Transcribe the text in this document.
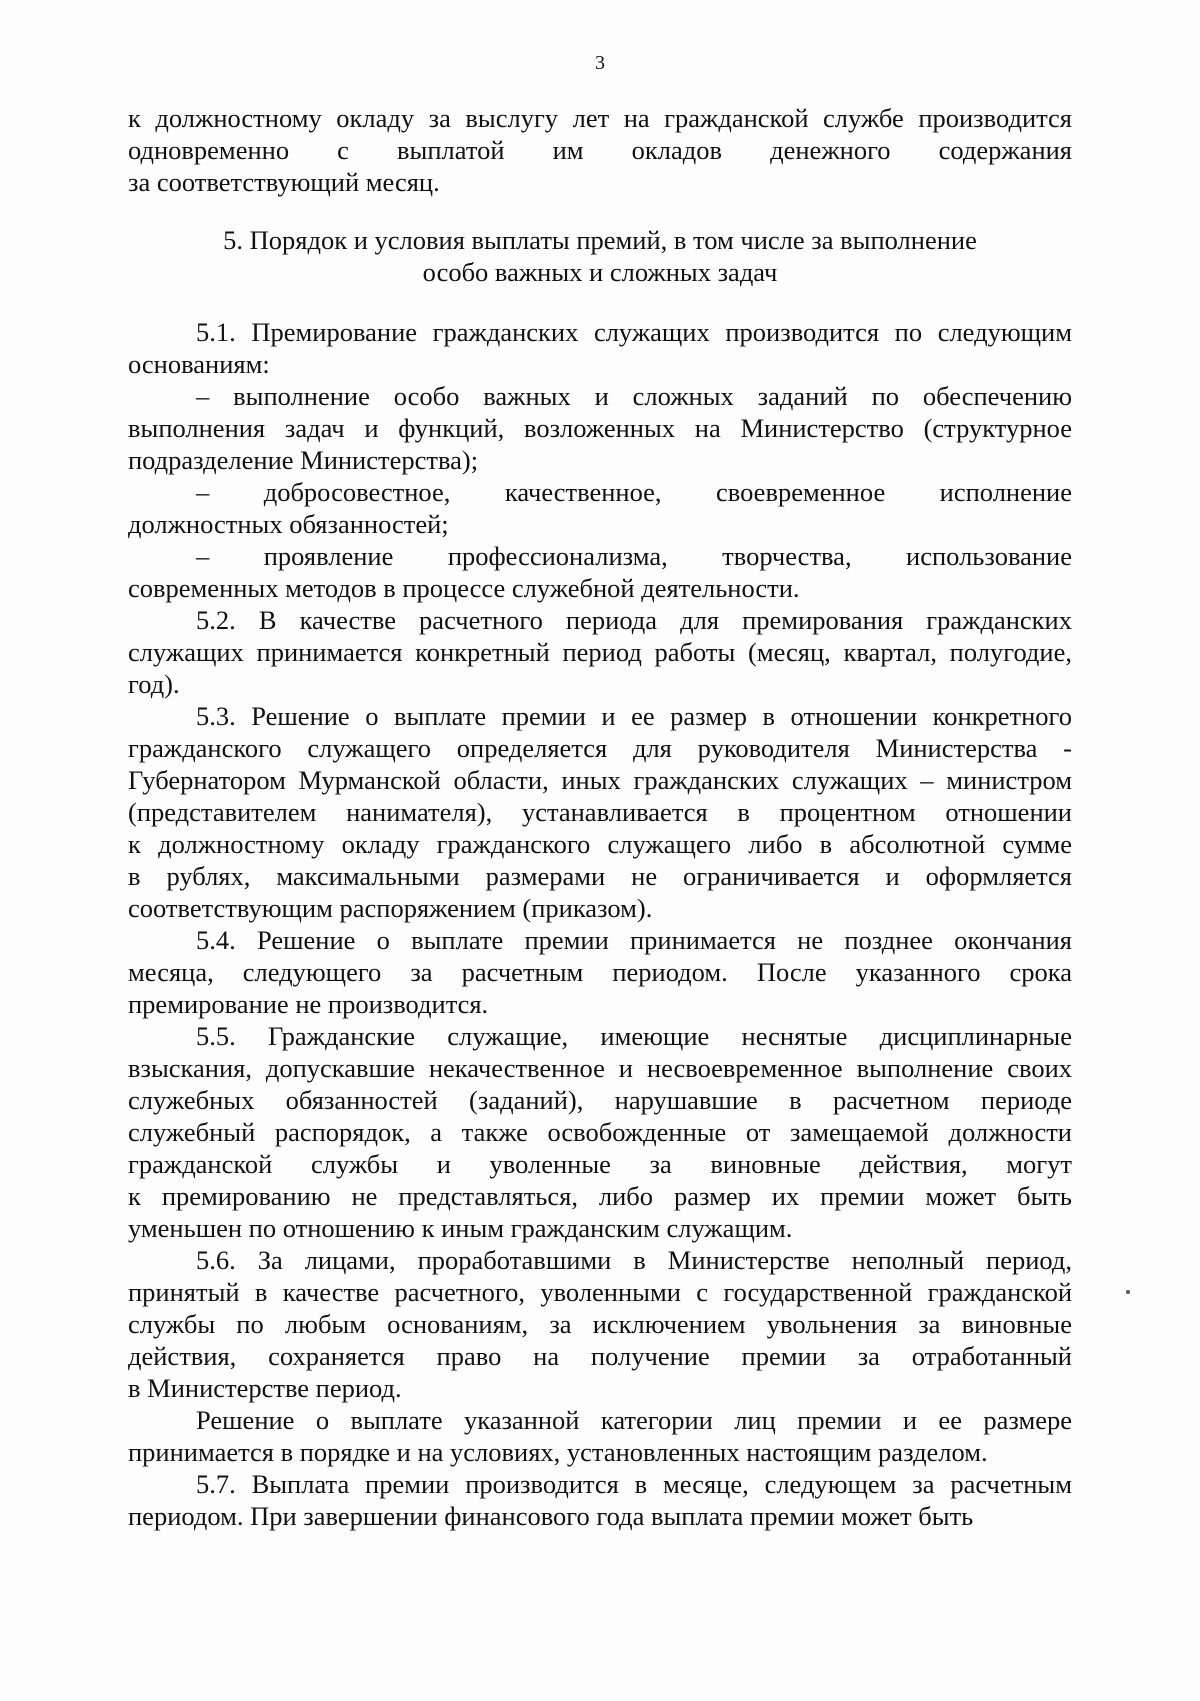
3

к должностному окладу за выслугу лет на гражданской службе производится
одновременно с выплатой им окладов денежного содержания
за соответствующий месяц.

5. Порядок и условия выплаты премий, в том числе за выполнение
особо важных и сложных задач

5.1. Премирование гражданских служащих производится по следующим
основаниям:

– выполнение особо важных и сложных заданий по обеспечению
выполнения задач и функций, возложенных на Министерство (структурное
подразделение Министерства);

– добросовестное, качественное, своевременное исполнение
должностных обязанностей;

– проявление профессионализма, творчества, использование
современных методов в процессе служебной деятельности.

5.2. В качестве расчетного периода для премирования гражданских
служащих принимается конкретный период работы (месяц, квартал, полугодие,
год).

5.3. Решение о выплате премии и ее размер в отношении конкретного
гражданского служащего определяется для руководителя Министерства -
Губернатором Мурманской области, иных гражданских служащих – министром
(представителем нанимателя), устанавливается в процентном отношении
к должностному окладу гражданского служащего либо в абсолютной сумме
в рублях, максимальными размерами не ограничивается и оформляется
соответствующим распоряжением (приказом).

5.4. Решение о выплате премии принимается не позднее окончания
месяца, следующего за расчетным периодом. После указанного срока
премирование не производится.

5.5. Гражданские служащие, имеющие неснятые дисциплинарные
взыскания, допускавшие некачественное и несвоевременное выполнение своих
служебных обязанностей (заданий), нарушавшие в расчетном периоде
служебный распорядок, а также освобожденные от замещаемой должности
гражданской службы и уволенные за виновные действия, могут
к премированию не представляться, либо размер их премии может быть
уменьшен по отношению к иным гражданским служащим.

5.6. За лицами, проработавшими в Министерстве неполный период,
принятый в качестве расчетного, уволенными с государственной гражданской
службы по любым основаниям, за исключением увольнения за виновные
действия, сохраняется право на получение премии за отработанный
в Министерстве период.

Решение о выплате указанной категории лиц премии и ее размере
принимается в порядке и на условиях, установленных настоящим разделом.

5.7. Выплата премии производится в месяце, следующем за расчетным
периодом. При завершении финансового года выплата премии может быть
